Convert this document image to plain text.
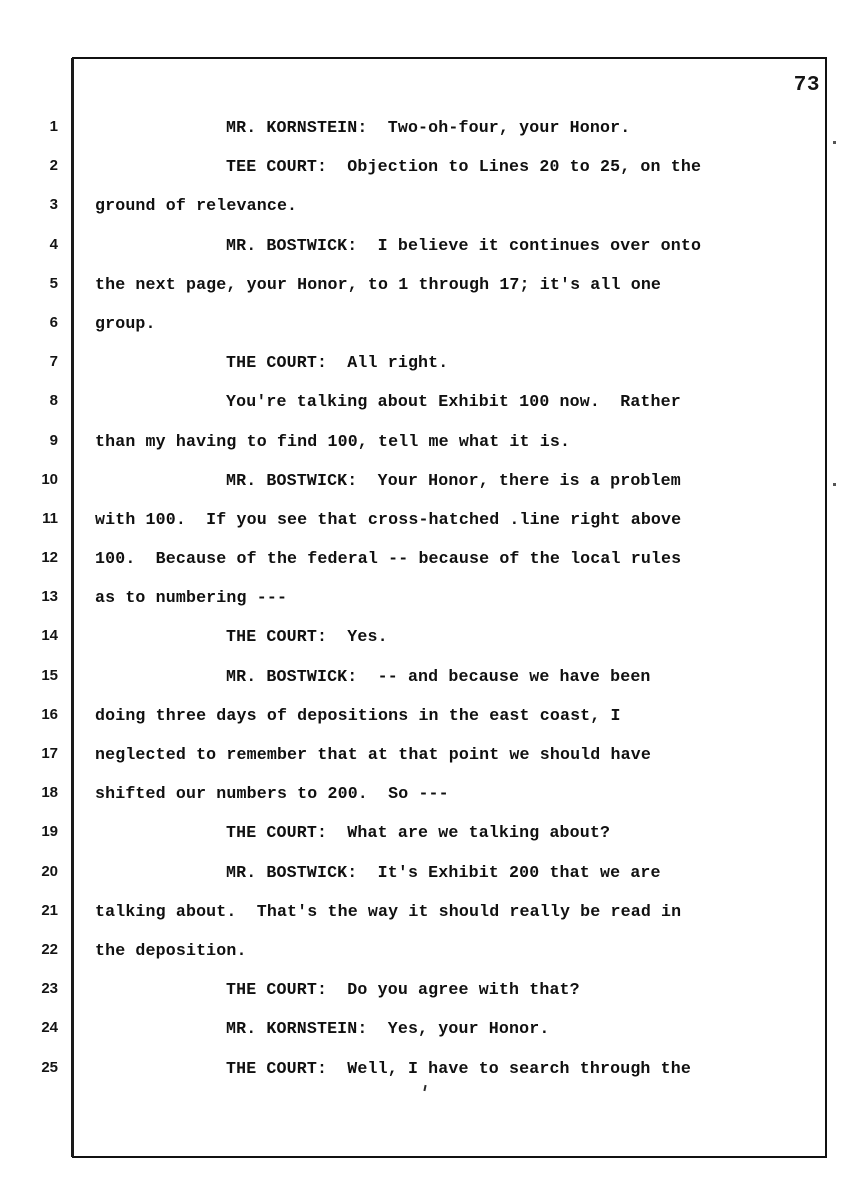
73
1	MR. KORNSTEIN:  Two-oh-four, your Honor.
2	TEE COURT:  Objection to Lines 20 to 25, on the
3 ground of relevance.
4	MR. BOSTWICK:  I believe it continues over onto
5 the next page, your Honor, to 1 through 17; it's all one
6 group.
7	THE COURT:  All right.
8	You're talking about Exhibit 100 now.  Rather
9 than my having to find 100, tell me what it is.
10	MR. BOSTWICK:  Your Honor, there is a problem
11 with 100.  If you see that cross-hatched .line right above
12 100.  Because of the federal -- because of the local rules
13 as to numbering ---
14	THE COURT:  Yes.
15	MR. BOSTWICK:  -- and because we have been
16 doing three days of depositions in the east coast, I
17 neglected to remember that at that point we should have
18 shifted our numbers to 200.  So ---
19	THE COURT:  What are we talking about?
20	MR. BOSTWICK:  It's Exhibit 200 that we are
21 talking about.  That's the way it should really be read in
22 the deposition.
23	THE COURT:  Do you agree with that?
24	MR. KORNSTEIN:  Yes, your Honor.
25	THE COURT:  Well, I have to search through the
